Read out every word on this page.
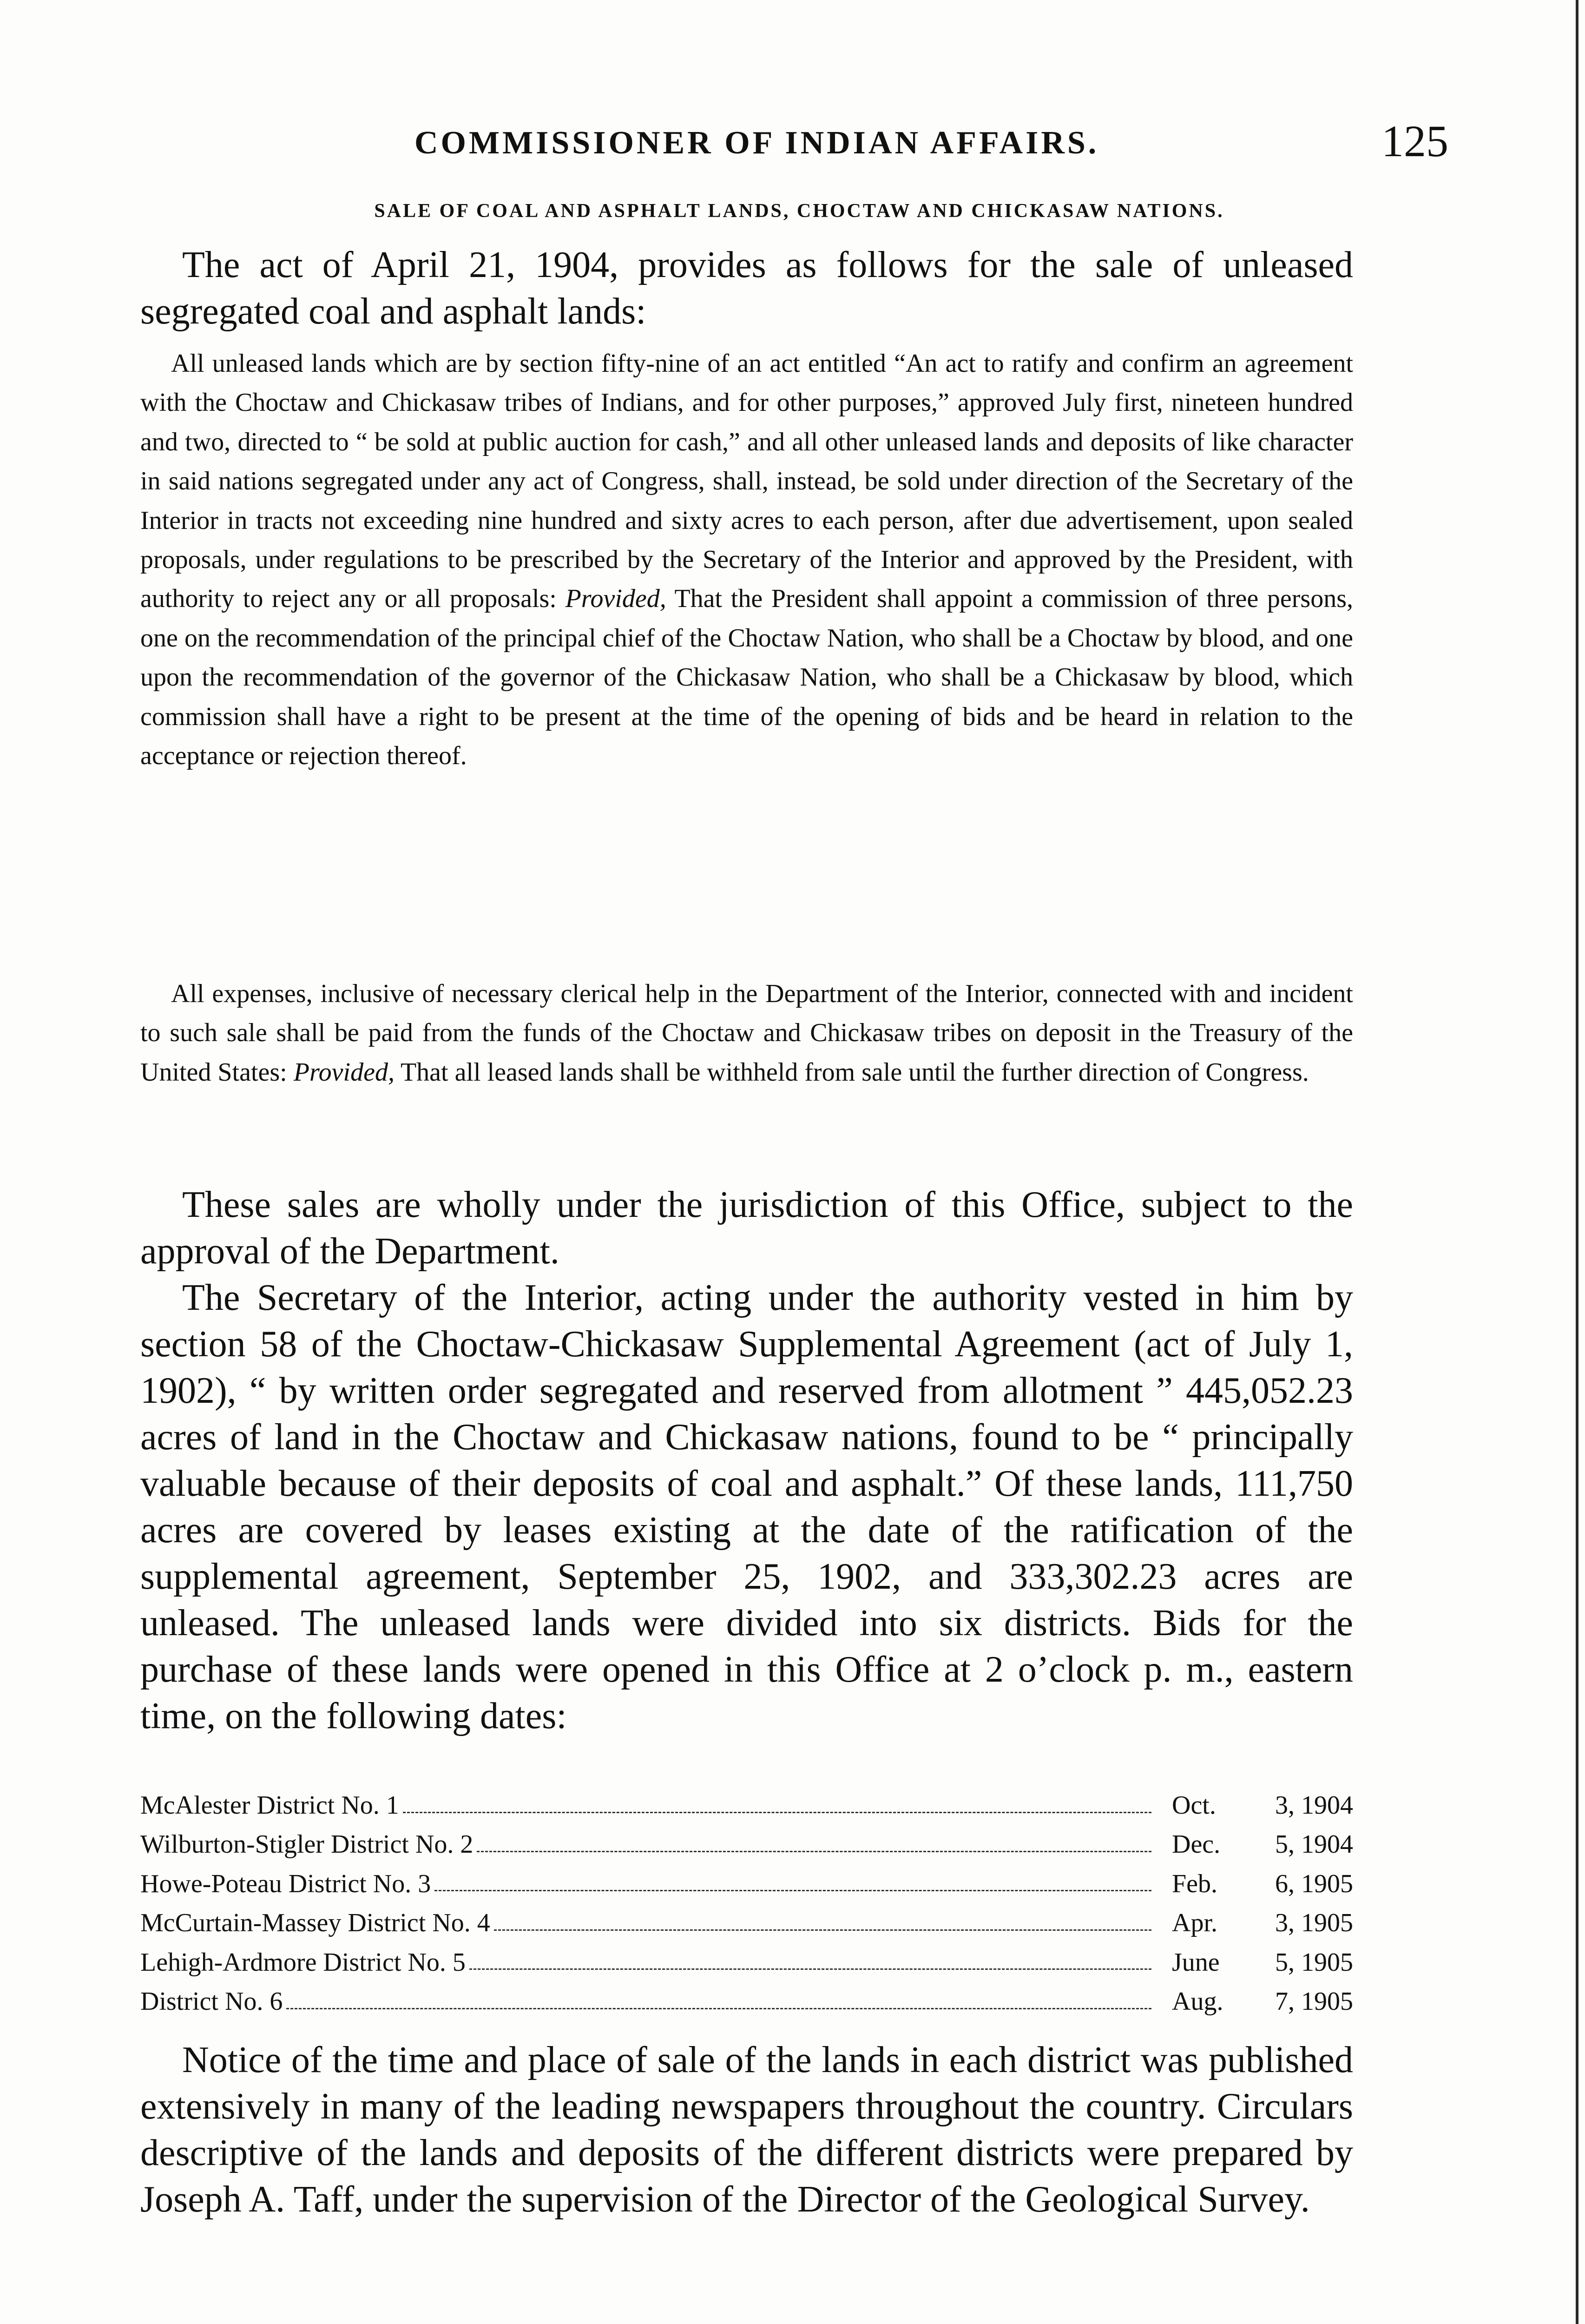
COMMISSIONER OF INDIAN AFFAIRS.	125
SALE OF COAL AND ASPHALT LANDS, CHOCTAW AND CHICKASAW NATIONS.

The act of April 21, 1904, provides as follows for the sale of unleased segregated coal and asphalt lands:

All unleased lands which are by section fifty-nine of an act entitled “An act to ratify and confirm an agreement with the Choctaw and Chickasaw tribes of Indians, and for other purposes,” approved July first, nineteen hundred and two, directed to “ be sold at public auction for cash,” and all other unleased lands and deposits of like character in said nations segregated under any act of Congress, shall, instead, be sold under direction of the Secretary of the Interior in tracts not exceeding nine hundred and sixty acres to each person, after due advertisement, upon sealed proposals, under regulations to be prescribed by the Secretary of the Interior and approved by the President, with authority to reject any or all proposals: Provided, That the President shall appoint a commission of three persons, one on the recommendation of the principal chief of the Choctaw Nation, who shall be a Choctaw by blood, and one upon the recommendation of the governor of the Chickasaw Nation, who shall be a Chickasaw by blood, which commission shall have a right to be present at the time of the opening of bids and be heard in relation to the acceptance or rejection thereof.

All expenses, inclusive of necessary clerical help in the Department of the Interior, connected with and incident to such sale shall be paid from the funds of the Choctaw and Chickasaw tribes on deposit in the Treasury of the United States: Provided, That all leased lands shall be withheld from sale until the further direction of Congress.

These sales are wholly under the jurisdiction of this Office, subject to the approval of the Department.

The Secretary of the Interior, acting under the authority vested in him by section 58 of the Choctaw-Chickasaw Supplemental Agreement (act of July 1, 1902), “ by written order segregated and reserved from allotment ” 445,052.23 acres of land in the Choctaw and Chickasaw nations, found to be “ principally valuable because of their deposits of coal and asphalt.” Of these lands, 111,750 acres are covered by leases existing at the date of the ratification of the supplemental agreement, September 25, 1902, and 333,302.23 acres are unleased. The unleased lands were divided into six districts. Bids for the purchase of these lands were opened in this Office at 2 o’clock p. m., eastern time, on the following dates:

McAlester District No. 1	Oct. 3, 1904
Wilburton-Stigler District No. 2	Dec. 5, 1904
Howe-Poteau District No. 3	Feb. 6, 1905
McCurtain-Massey District No. 4	Apr. 3, 1905
Lehigh-Ardmore District No. 5	June 5, 1905
District No. 6	Aug. 7, 1905

Notice of the time and place of sale of the lands in each district was published extensively in many of the leading newspapers throughout the country. Circulars descriptive of the lands and deposits of the different districts were prepared by Joseph A. Taff, under the supervision of the Director of the Geological Survey.
